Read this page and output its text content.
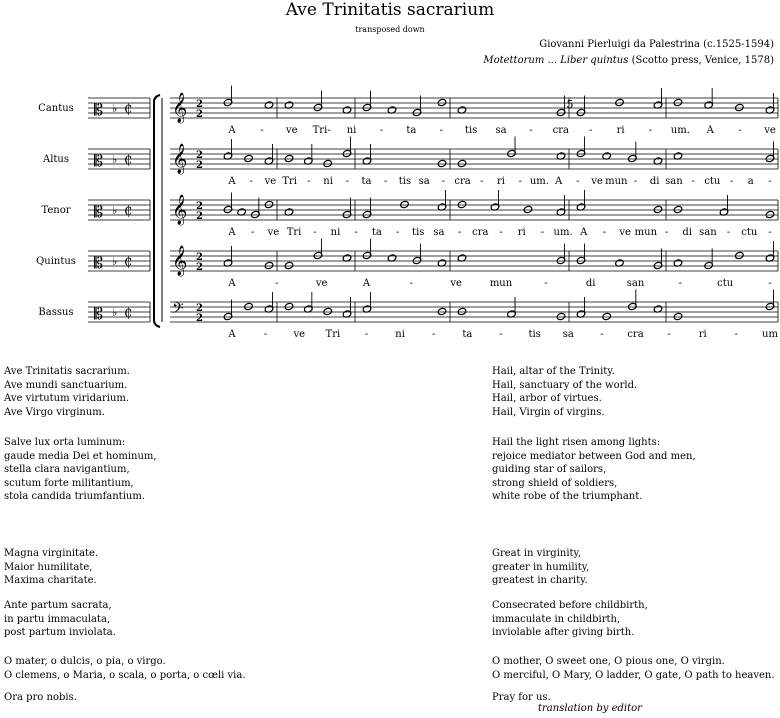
Ave Trinitatis sacrarium
transposed down
Giovanni Pierluigi da Palestrina (c.1525-1594)
Motettorum ... Liber quintus (Scotto press, Venice, 1578)
Cantus 𝄡 ♭ ₵ 𝄞 2
2
A - ve Tri- ni - ta - tis sa - cra - ri - um. A - ve
Altus 𝄡 ♭ ₵ 𝄞 2
2
A - ve Tri - ni - ta - tis sa - cra - ri - um. A - ve mun - di san - ctu - a -
Tenor 𝄡 ♭ ₵ 𝄞 2
2
A - ve Tri - ni - ta - tis sa - cra - ri - um. A - ve mun - di san - ctu -
Quintus 𝄡 ♭ ₵ 𝄞 2
2
A	-	ve	A	-	ve	mun	-	di	san	-	ctu	-
Bassus 𝄡 ♭ ₵ 𝄢 2
2
A	-	ve Tri -	ni	-	ta	-	tis sa	- cra -	ri	- um
5
Ave Trinitatis sacrarium.
Ave mundi sanctuarium.
Ave virtutum viridarium.
Ave Virgo virginum.
Salve lux orta luminum:
gaude media Dei et hominum,
stella clara navigantium,
scutum forte militantium,
stola candida triumfantium.
Magna virginitate.
Maior humilitate,
Maxima charitate.
Ante partum sacrata,
in partu immaculata,
post partum inviolata.
O mater, o dulcis, o pia, o virgo.
O clemens, o Maria, o scala, o porta, o cœli via.
Ora pro nobis.
Hail, altar of the Trinity.
Hail, sanctuary of the world.
Hail, arbor of virtues.
Hail, Virgin of virgins.
Hail the light risen among lights:
rejoice mediator between God and men,
guiding star of sailors,
strong shield of soldiers,
white robe of the triumphant.
Great in virginity,
greater in humility,
greatest in charity.
Consecrated before childbirth,
immaculate in childbirth,
inviolable after giving birth.
O mother, O sweet one, O pious one, O virgin.
O merciful, O Mary, O ladder, O gate, O path to heaven.
Pray for us.
translation by editor
